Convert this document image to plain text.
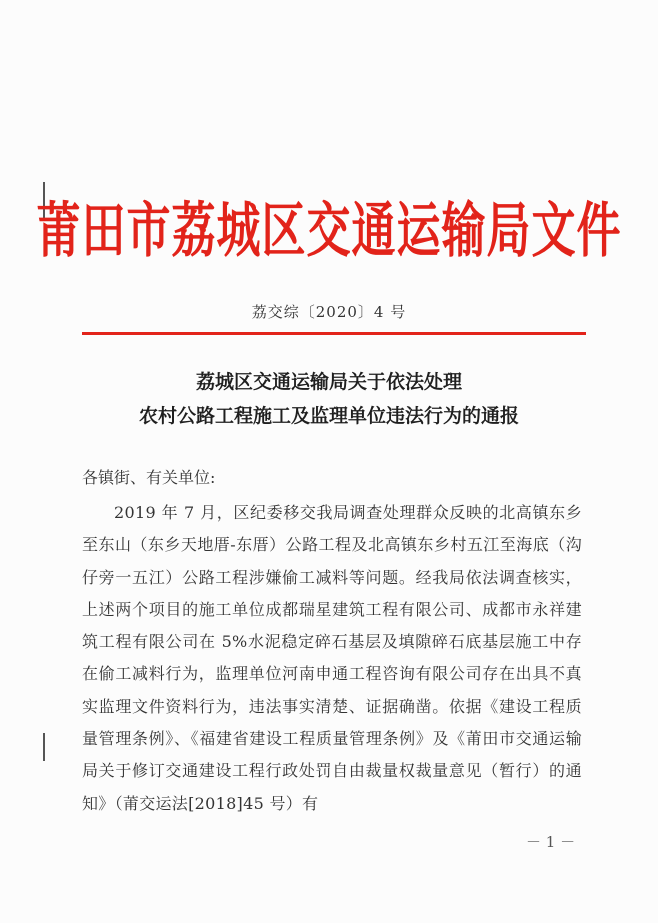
莆田市荔城区交通运输局文件
荔交综〔2020〕4 号
荔城区交通运输局关于依法处理
农村公路工程施工及监理单位违法行为的通报
各镇街、有关单位:
2019 年 7 月，区纪委移交我局调查处理群众反映的北高镇东乡至东山（东乡天地厝-东厝）公路工程及北高镇东乡村五江至海底（沟仔旁一五江）公路工程涉嫌偷工减料等问题。经我局依法调查核实，上述两个项目的施工单位成都瑞星建筑工程有限公司、成都市永祥建筑工程有限公司在 5%水泥稳定碎石基层及填隙碎石底基层施工中存在偷工减料行为，监理单位河南申通工程咨询有限公司存在出具不真实监理文件资料行为，违法事实清楚、证据确凿。依据《建设工程质量管理条例》、《福建省建设工程质量管理条例》及《莆田市交通运输局关于修订交通建设工程行政处罚自由裁量权裁量意见（暂行）的通知》（莆交运法[2018]45 号）有
－ 1 －
